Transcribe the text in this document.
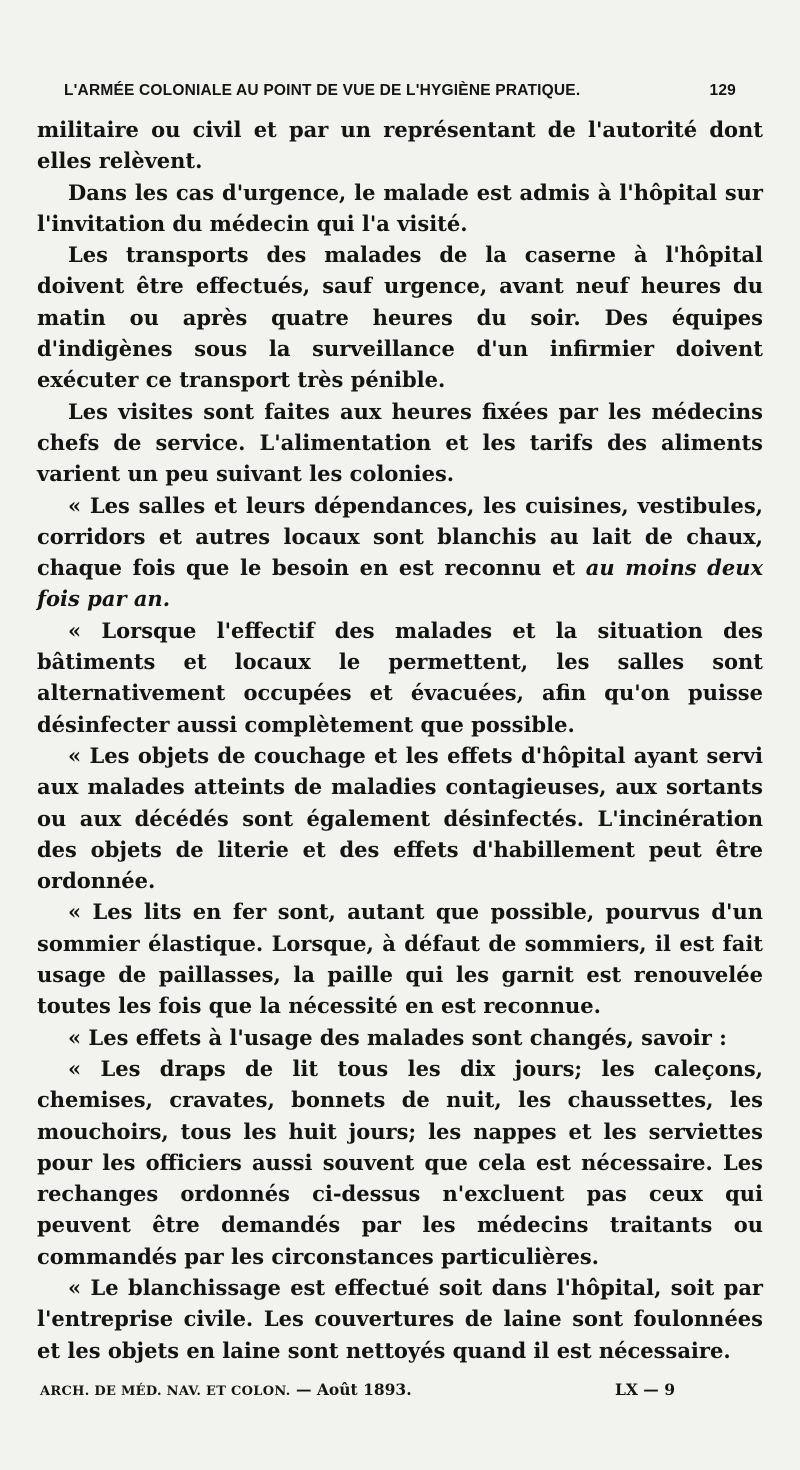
L'ARMÉE COLONIALE AU POINT DE VUE DE L'HYGIÈNE PRATIQUE.	129

militaire ou civil et par un représentant de l'autorité dont elles relèvent.

Dans les cas d'urgence, le malade est admis à l'hôpital sur l'invitation du médecin qui l'a visité.

Les transports des malades de la caserne à l'hôpital doivent être effectués, sauf urgence, avant neuf heures du matin ou après quatre heures du soir. Des équipes d'indigènes sous la surveillance d'un infirmier doivent exécuter ce transport très pénible.

Les visites sont faites aux heures fixées par les médecins chefs de service. L'alimentation et les tarifs des aliments varient un peu suivant les colonies.

« Les salles et leurs dépendances, les cuisines, vestibules, corridors et autres locaux sont blanchis au lait de chaux, chaque fois que le besoin en est reconnu et au moins deux fois par an.

« Lorsque l'effectif des malades et la situation des bâtiments et locaux le permettent, les salles sont alternativement occupées et évacuées, afin qu'on puisse désinfecter aussi complètement que possible.

« Les objets de couchage et les effets d'hôpital ayant servi aux malades atteints de maladies contagieuses, aux sortants ou aux décédés sont également désinfectés. L'incinération des objets de literie et des effets d'habillement peut être ordonnée.

« Les lits en fer sont, autant que possible, pourvus d'un sommier élastique. Lorsque, à défaut de sommiers, il est fait usage de paillasses, la paille qui les garnit est renouvelée toutes les fois que la nécessité en est reconnue.

« Les effets à l'usage des malades sont changés, savoir :

« Les draps de lit tous les dix jours; les caleçons, chemises, cravates, bonnets de nuit, les chaussettes, les mouchoirs, tous les huit jours; les nappes et les serviettes pour les officiers aussi souvent que cela est nécessaire. Les rechanges ordonnés ci-dessus n'excluent pas ceux qui peuvent être demandés par les médecins traitants ou commandés par les circonstances particulières.

« Le blanchissage est effectué soit dans l'hôpital, soit par l'entreprise civile. Les couvertures de laine sont foulonnées et les objets en laine sont nettoyés quand il est nécessaire.

ARCH. DE MÉD. NAV. ET COLON. — Août 1893.	LX — 9
